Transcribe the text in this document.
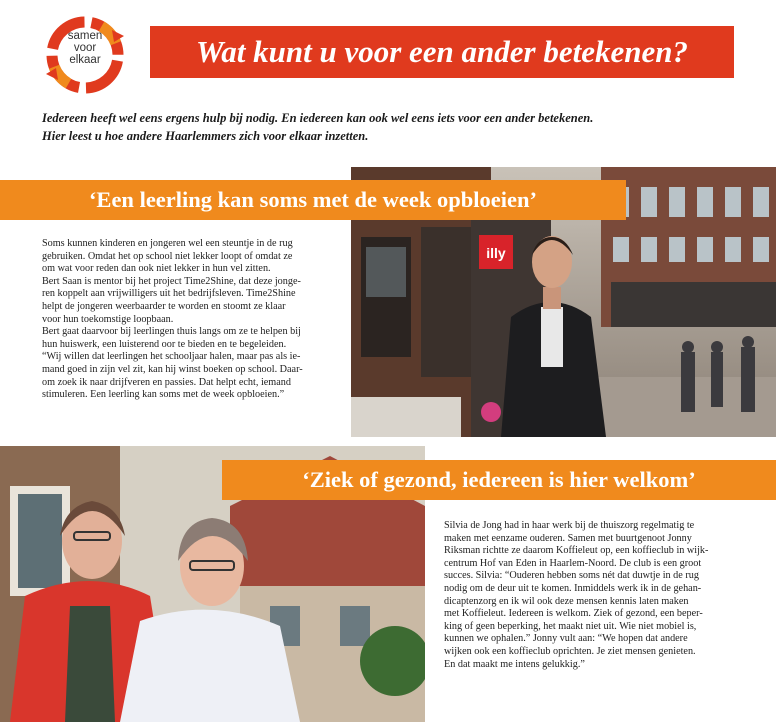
samen
voor
elkaar	Wat kunt u voor een ander betekenen?
Iedereen heeft wel eens ergens hulp bij nodig. En iedereen kan ook wel eens iets voor een ander betekenen.
Hier leest u hoe andere Haarlemmers zich voor elkaar inzetten.
illy
‘Een leerling kan soms met de week opbloeien’
Soms kunnen kinderen en jongeren wel een steuntje in de rug
gebruiken. Omdat het op school niet lekker loopt of omdat ze
om wat voor reden dan ook niet lekker in hun vel zitten.
Bert Saan is mentor bij het project Time2Shine, dat deze jonge-
ren koppelt aan vrijwilligers uit het bedrijfsleven. Time2Shine
helpt de jongeren weerbaarder te worden en stoomt ze klaar
voor hun toekomstige loopbaan.
Bert gaat daarvoor bij leerlingen thuis langs om ze te helpen bij
hun huiswerk, een luisterend oor te bieden en te begeleiden.
“Wij willen dat leerlingen het schooljaar halen, maar pas als ie-
mand goed in zijn vel zit, kan hij winst boeken op school. Daar-
om zoek ik naar drijfveren en passies. Dat helpt echt, iemand
stimuleren. Een leerling kan soms met de week opbloeien.”
‘Ziek of gezond, iedereen is hier welkom’
Silvia de Jong had in haar werk bij de thuiszorg regelmatig te
maken met eenzame ouderen. Samen met buurtgenoot Jonny
Riksman richtte ze daarom Koffieleut op, een koffieclub in wijk-
centrum Hof van Eden in Haarlem-Noord. De club is een groot
succes. Silvia: “Ouderen hebben soms nét dat duwtje in de rug
nodig om de deur uit te komen. Inmiddels werk ik in de gehan-
dicaptenzorg en ik wil ook deze mensen kennis laten maken
met Koffieleut. Iedereen is welkom. Ziek of gezond, een beper-
king of geen beperking, het maakt niet uit. Wie niet mobiel is,
kunnen we ophalen.” Jonny vult aan: “We hopen dat andere
wijken ook een koffieclub oprichten. Je ziet mensen genieten.
En dat maakt me intens gelukkig.”
